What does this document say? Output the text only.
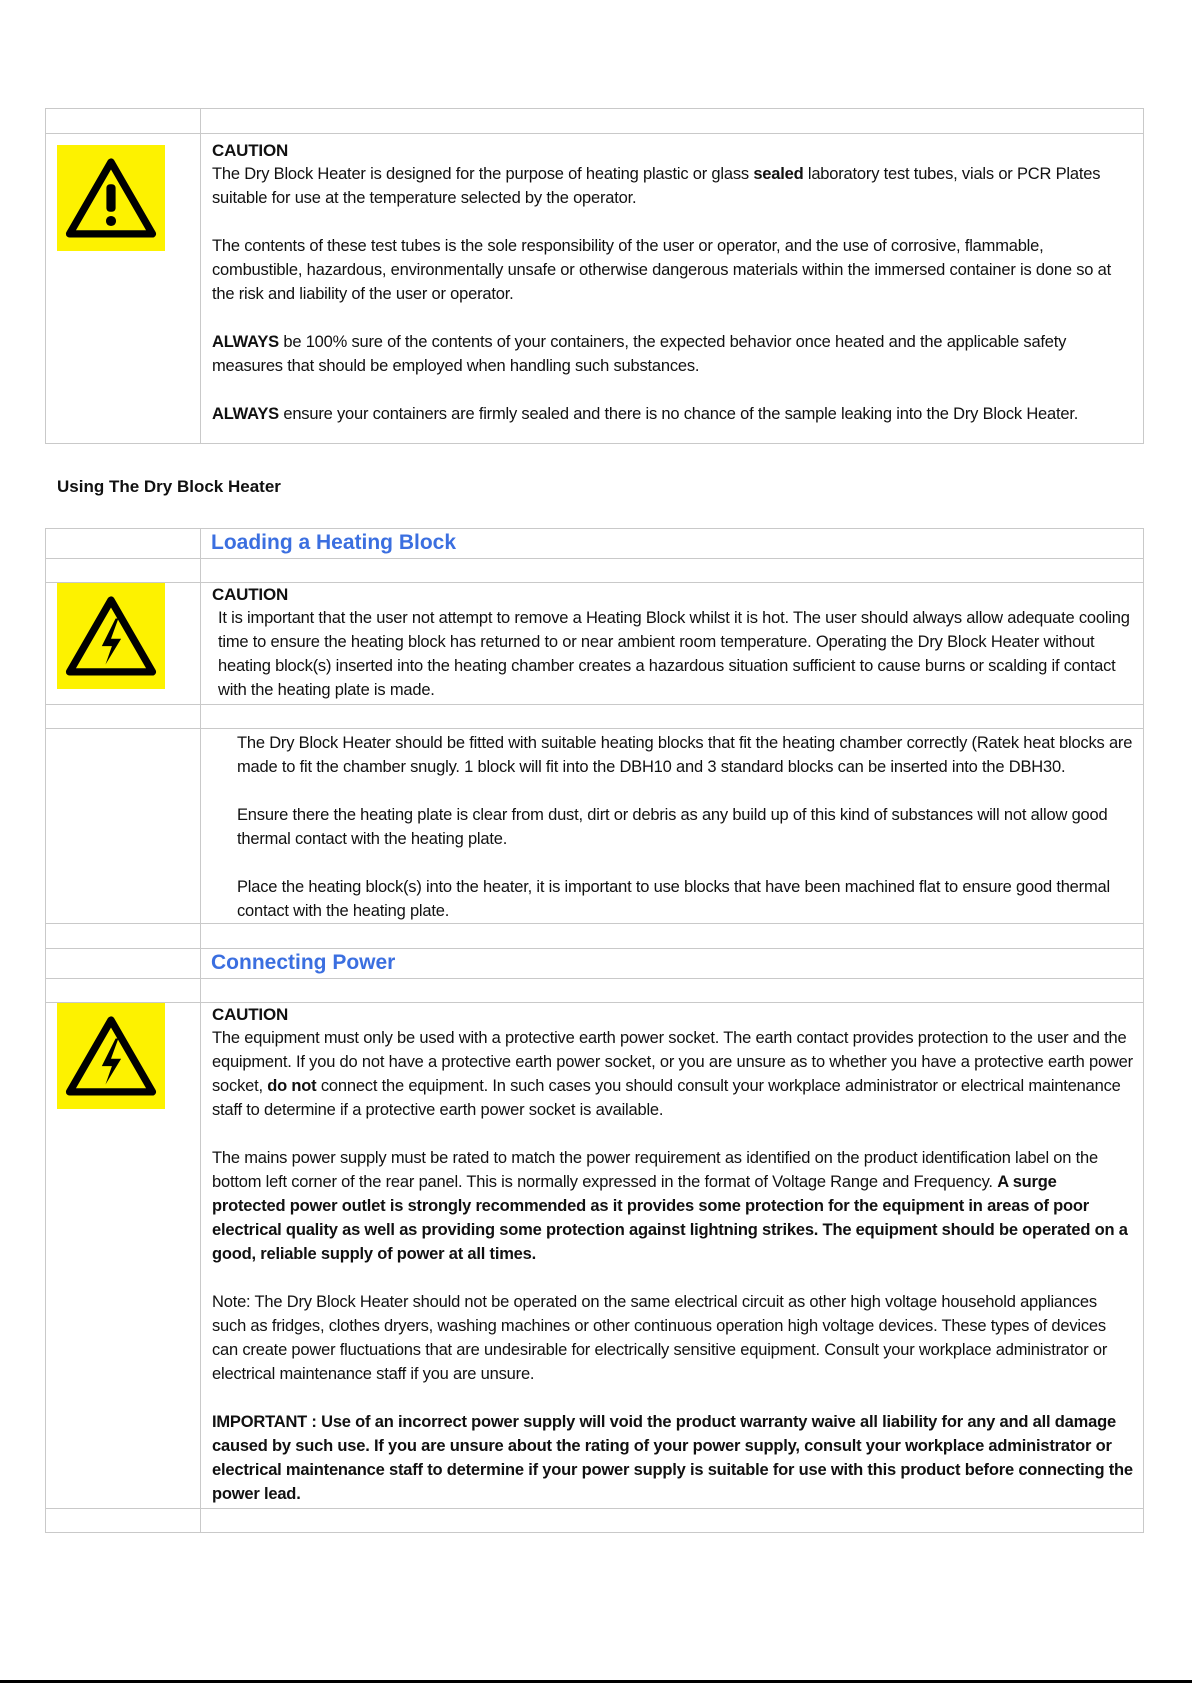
CAUTION

The Dry Block Heater is designed for the purpose of heating plastic or glass sealed laboratory test tubes, vials or PCR Plates suitable for use at the temperature selected by the operator.

The contents of these test tubes is the sole responsibility of the user or operator, and the use of corrosive, flammable, combustible, hazardous, environmentally unsafe or otherwise dangerous materials within the immersed container is done so at the risk and liability of the user or operator.

ALWAYS be 100% sure of the contents of your containers, the expected behavior once heated and the applicable safety measures that should be employed when handling such substances.

ALWAYS ensure your containers are firmly sealed and there is no chance of the sample leaking into the Dry Block Heater.

Using The Dry Block Heater

	Loading a Heating Block

CAUTION

It is important that the user not attempt to remove a Heating Block whilst it is hot. The user should always allow adequate cooling time to ensure the heating block has returned to or near ambient room temperature. Operating the Dry Block Heater without heating block(s) inserted into the heating chamber creates a hazardous situation sufficient to cause burns or scalding if contact with the heating plate is made.

	The Dry Block Heater should be fitted with suitable heating blocks that fit the heating chamber correctly (Ratek heat blocks are made to fit the chamber snugly. 1 block will fit into the DBH10 and 3 standard blocks can be inserted into the DBH30.

Ensure there the heating plate is clear from dust, dirt or debris as any build up of this kind of substances will not allow good thermal contact with the heating plate.

Place the heating block(s) into the heater, it is important to use blocks that have been machined flat to ensure good thermal contact with the heating plate.

	Connecting Power

CAUTION

The equipment must only be used with a protective earth power socket. The earth contact provides protection to the user and the equipment. If you do not have a protective earth power socket, or you are unsure as to whether you have a protective earth power socket, do not connect the equipment. In such cases you should consult your workplace administrator or electrical maintenance staff to determine if a protective earth power socket is available.

The mains power supply must be rated to match the power requirement as identified on the product identification label on the bottom left corner of the rear panel. This is normally expressed in the format of Voltage Range and Frequency. A surge protected power outlet is strongly recommended as it provides some protection for the equipment in areas of poor electrical quality as well as providing some protection against lightning strikes. The equipment should be operated on a good, reliable supply of power at all times.

Note: The Dry Block Heater should not be operated on the same electrical circuit as other high voltage household appliances such as fridges, clothes dryers, washing machines or other continuous operation high voltage devices. These types of devices can create power fluctuations that are undesirable for electrically sensitive equipment. Consult your workplace administrator or electrical maintenance staff if you are unsure.

IMPORTANT : Use of an incorrect power supply will void the product warranty waive all liability for any and all damage caused by such use. If you are unsure about the rating of your power supply, consult your workplace administrator or electrical maintenance staff to determine if your power supply is suitable for use with this product before connecting the power lead.
